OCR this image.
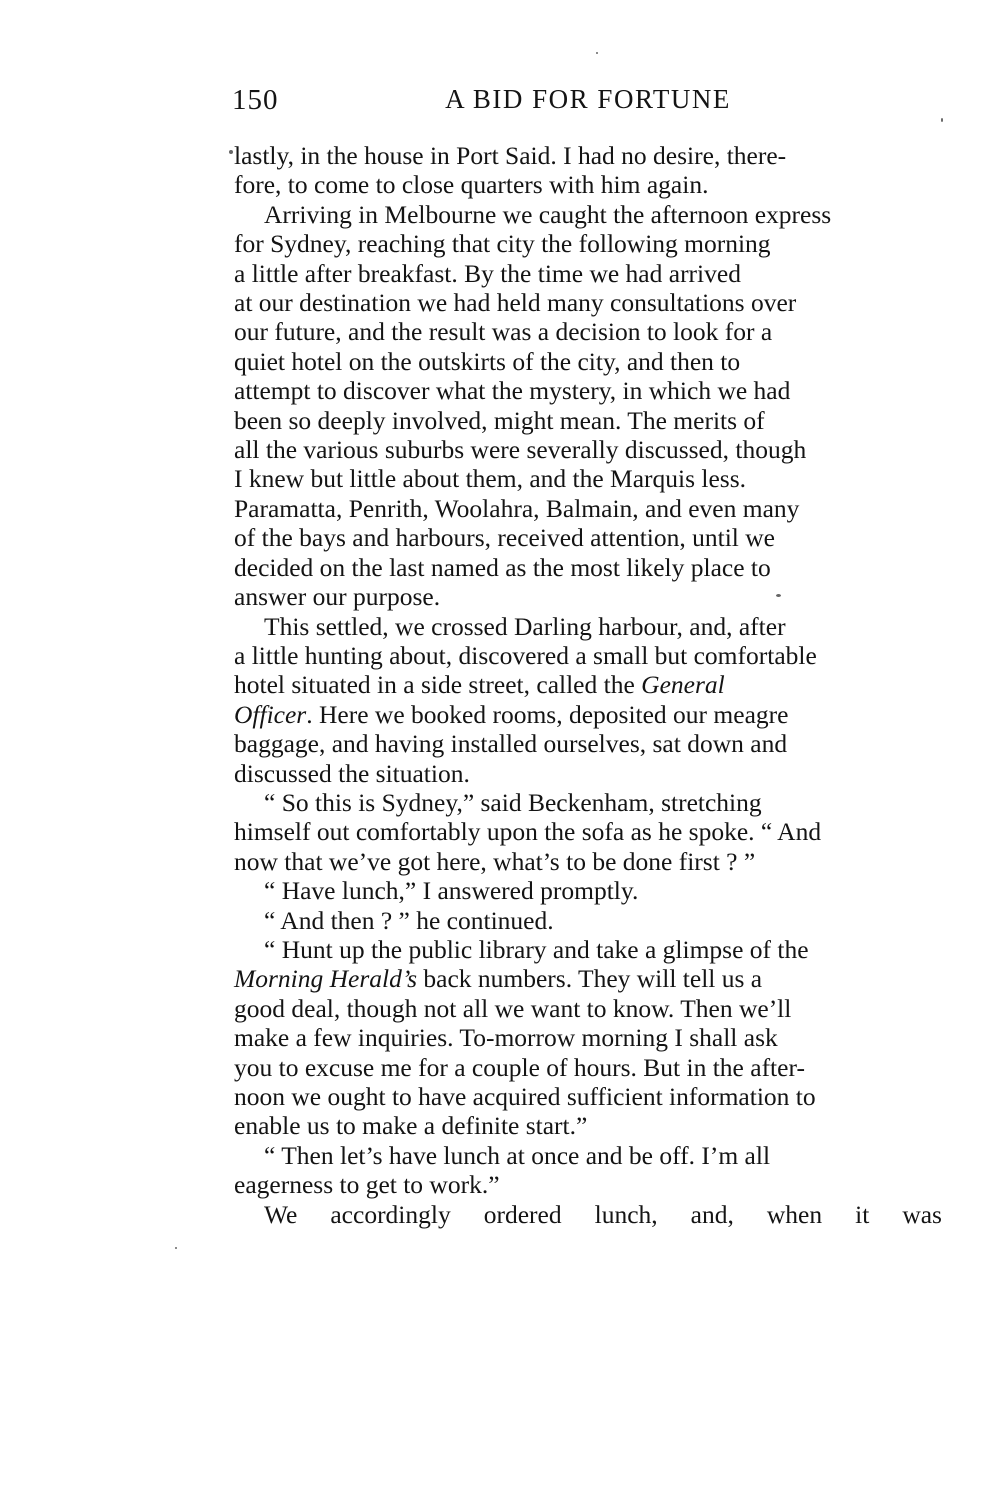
150	A BID FOR FORTUNE

lastly, in the house in Port Said. I had no desire, there-
fore, to come to close quarters with him again.

Arriving in Melbourne we caught the afternoon express
for Sydney, reaching that city the following morning
a little after breakfast. By the time we had arrived
at our destination we had held many consultations over
our future, and the result was a decision to look for a
quiet hotel on the outskirts of the city, and then to
attempt to discover what the mystery, in which we had
been so deeply involved, might mean. The merits of
all the various suburbs were severally discussed, though
I knew but little about them, and the Marquis less.
Paramatta, Penrith, Woolahra, Balmain, and even many
of the bays and harbours, received attention, until we
decided on the last named as the most likely place to
answer our purpose.

This settled, we crossed Darling harbour, and, after
a little hunting about, discovered a small but comfortable
hotel situated in a side street, called the General
Officer. Here we booked rooms, deposited our meagre
baggage, and having installed ourselves, sat down and
discussed the situation.

“ So this is Sydney,” said Beckenham, stretching
himself out comfortably upon the sofa as he spoke. “ And
now that we’ve got here, what’s to be done first ? ”

“ Have lunch,” I answered promptly.

“ And then ? ” he continued.

“ Hunt up the public library and take a glimpse of the
Morning Herald’s back numbers. They will tell us a
good deal, though not all we want to know. Then we’ll
make a few inquiries. To-morrow morning I shall ask
you to excuse me for a couple of hours. But in the after-
noon we ought to have acquired sufficient information to
enable us to make a definite start.”

“ Then let’s have lunch at once and be off. I’m all
eagerness to get to work.”

We accordingly ordered lunch, and, when it was
